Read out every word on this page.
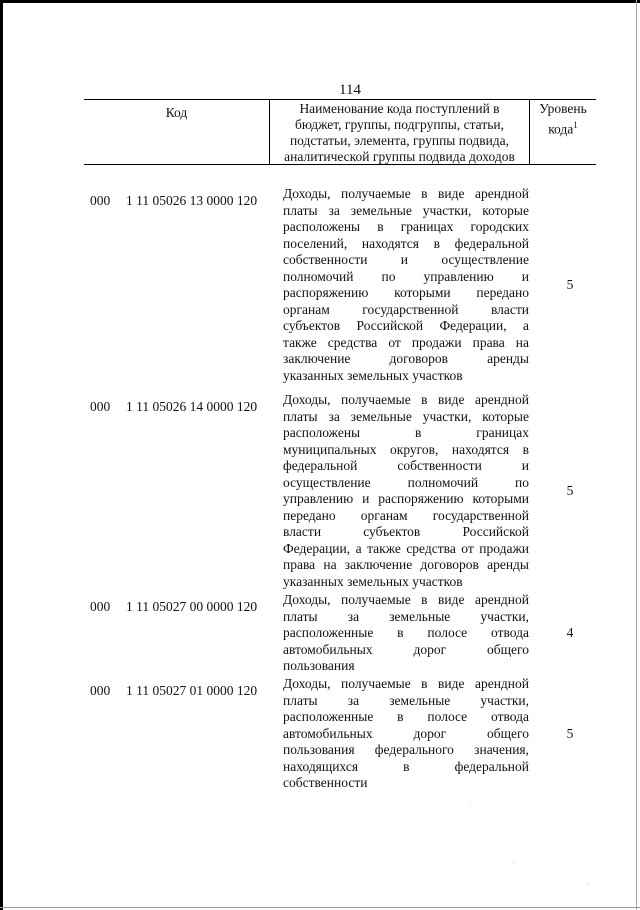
114
Код	Наименование кода поступлений в
бюджет, группы, подгруппы, статьи,
подстатьи, элемента, группы подвида,
аналитической группы подвида доходов
Уровень
кода$^1$
000 1 11 05026 13 0000 120 Доходы, получаемые в виде арендной
платы за земельные участки, которые
расположены в границах городских
поселений, находятся в федеральной
собственности и осуществление
полномочий по управлению и
распоряжению которыми передано
органам государственной власти
субъектов Российской Федерации, а
также средства от продажи права на
заключение договоров аренды
указанных земельных участков
5
000 1 11 05026 14 0000 120 Доходы, получаемые в виде арендной
платы за земельные участки, которые
расположены в границах
муниципальных округов, находятся в
федеральной собственности и
осуществление полномочий по
управлению и распоряжению которыми
передано органам государственной
власти субъектов Российской
Федерации, а также средства от продажи
права на заключение договоров аренды
указанных земельных участков
5
000 1 11 05027 00 0000 120 Доходы, получаемые в виде арендной
платы за земельные участки,
расположенные в полосе отвода
автомобильных дорог общего
пользования
4
000 1 11 05027 01 0000 120 Доходы, получаемые в виде арендной
платы за земельные участки,
расположенные в полосе отвода
автомобильных дорог общего
пользования федерального значения,
находящихся в федеральной
собственности
5
·
·
·
